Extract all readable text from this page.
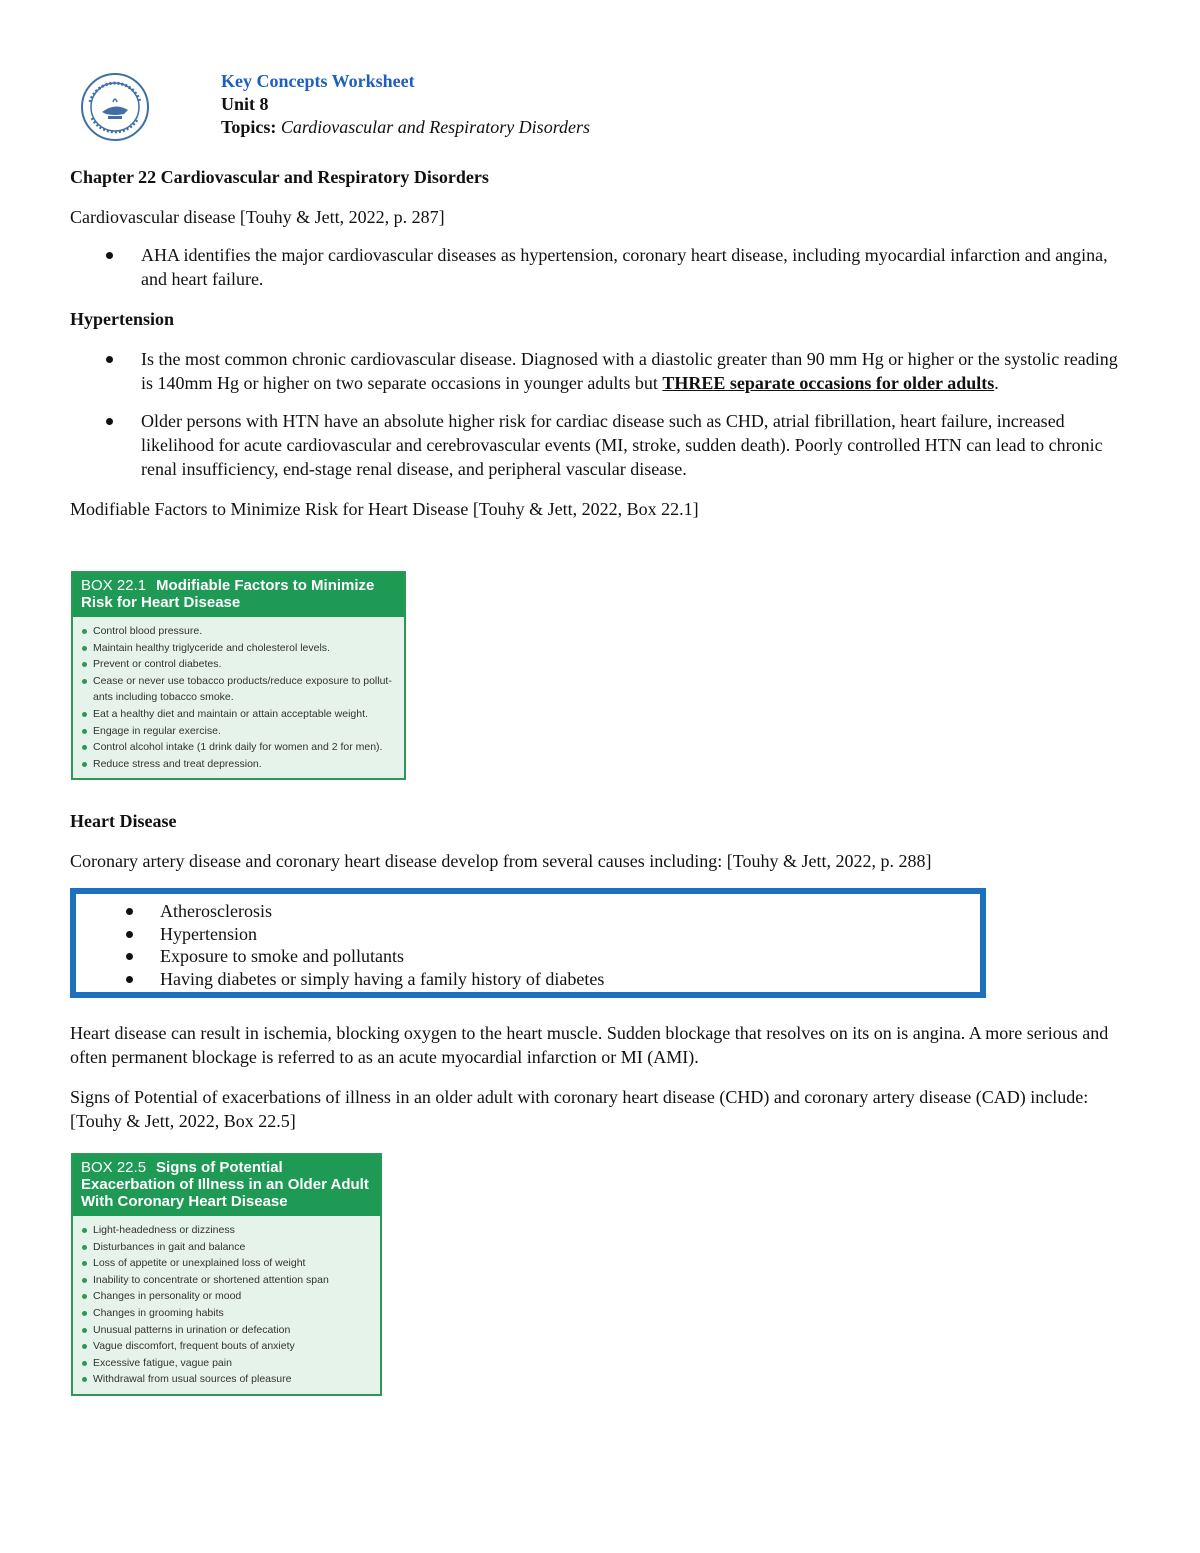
Key Concepts Worksheet
Unit 8
Topics: Cardiovascular and Respiratory Disorders

Chapter 22 Cardiovascular and Respiratory Disorders

Cardiovascular disease [Touhy & Jett, 2022, p. 287]

AHA identifies the major cardiovascular diseases as hypertension, coronary heart disease, including myocardial infarction and angina, and heart failure.

Hypertension

Is the most common chronic cardiovascular disease. Diagnosed with a diastolic greater than 90 mm Hg or higher or the systolic reading is 140mm Hg or higher on two separate occasions in younger adults but THREE separate occasions for older adults.
Older persons with HTN have an absolute higher risk for cardiac disease such as CHD, atrial fibrillation, heart failure, increased likelihood for acute cardiovascular and cerebrovascular events (MI, stroke, sudden death). Poorly controlled HTN can lead to chronic renal insufficiency, end-stage renal disease, and peripheral vascular disease.

Modifiable Factors to Minimize Risk for Heart Disease [Touhy & Jett, 2022, Box 22.1]

BOX 22.1 Modifiable Factors to Minimize Risk for Heart Disease
Control blood pressure.
Maintain healthy triglyceride and cholesterol levels.
Prevent or control diabetes.
Cease or never use tobacco products/reduce exposure to pollut-
ants including tobacco smoke.
Eat a healthy diet and maintain or attain acceptable weight.
Engage in regular exercise.
Control alcohol intake (1 drink daily for women and 2 for men).
Reduce stress and treat depression.

Heart Disease

Coronary artery disease and coronary heart disease develop from several causes including: [Touhy & Jett, 2022, p. 288]

Atherosclerosis
Hypertension
Exposure to smoke and pollutants
Having diabetes or simply having a family history of diabetes

Heart disease can result in ischemia, blocking oxygen to the heart muscle. Sudden blockage that resolves on its on is angina. A more serious and often permanent blockage is referred to as an acute myocardial infarction or MI (AMI).

Signs of Potential of exacerbations of illness in an older adult with coronary heart disease (CHD) and coronary artery disease (CAD) include: [Touhy & Jett, 2022, Box 22.5]

BOX 22.5 Signs of Potential Exacerbation of Illness in an Older Adult With Coronary Heart Disease
Light-headedness or dizziness
Disturbances in gait and balance
Loss of appetite or unexplained loss of weight
Inability to concentrate or shortened attention span
Changes in personality or mood
Changes in grooming habits
Unusual patterns in urination or defecation
Vague discomfort, frequent bouts of anxiety
Excessive fatigue, vague pain
Withdrawal from usual sources of pleasure
